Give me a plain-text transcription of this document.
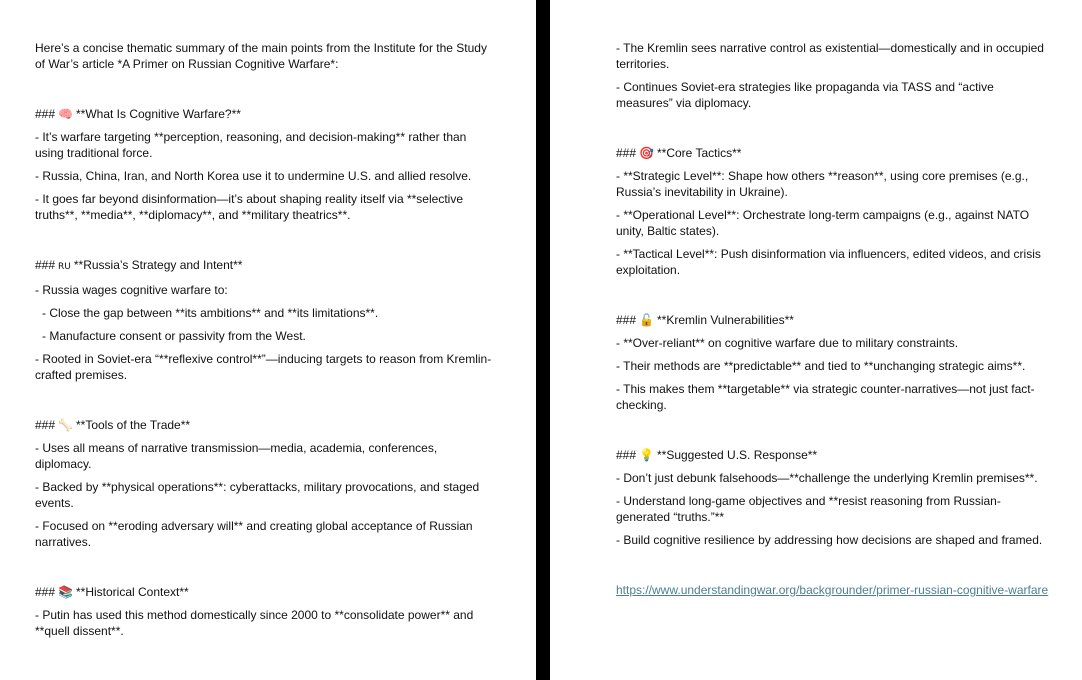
Here’s a concise thematic summary of the main points from the Institute for the Study of War’s article *A Primer on Russian Cognitive Warfare*:

### 🧠 **What Is Cognitive Warfare?**

- It’s warfare targeting **perception, reasoning, and decision-making** rather than using traditional force.

- Russia, China, Iran, and North Korea use it to undermine U.S. and allied resolve.

- It goes far beyond disinformation—it’s about shaping reality itself via **selective truths**, **media**, **diplomacy**, and **military theatrics**.

### RU **Russia’s Strategy and Intent**

- Russia wages cognitive warfare to:

- Close the gap between **its ambitions** and **its limitations**.

- Manufacture consent or passivity from the West.

- Rooted in Soviet-era “**reflexive control**”—inducing targets to reason from Kremlin-crafted premises.

### 🦴 **Tools of the Trade**

- Uses all means of narrative transmission—media, academia, conferences, diplomacy.

- Backed by **physical operations**: cyberattacks, military provocations, and staged events.

- Focused on **eroding adversary will** and creating global acceptance of Russian narratives.

### 📚 **Historical Context**

- Putin has used this method domestically since 2000 to **consolidate power** and **quell dissent**.

- The Kremlin sees narrative control as existential—domestically and in occupied territories.

- Continues Soviet-era strategies like propaganda via TASS and “active measures” via diplomacy.

### 🎯 **Core Tactics**

- **Strategic Level**: Shape how others **reason**, using core premises (e.g., Russia’s inevitability in Ukraine).

- **Operational Level**: Orchestrate long-term campaigns (e.g., against NATO unity, Baltic states).

- **Tactical Level**: Push disinformation via influencers, edited videos, and crisis exploitation.

### 🔓 **Kremlin Vulnerabilities**

- **Over-reliant** on cognitive warfare due to military constraints.

- Their methods are **predictable** and tied to **unchanging strategic aims**.

- This makes them **targetable** via strategic counter-narratives—not just fact-checking.

### 💡 **Suggested U.S. Response**

- Don’t just debunk falsehoods—**challenge the underlying Kremlin premises**.

- Understand long-game objectives and **resist reasoning from Russian-generated “truths.”**

- Build cognitive resilience by addressing how decisions are shaped and framed.

https://www.understandingwar.org/backgrounder/primer-russian-cognitive-warfare
